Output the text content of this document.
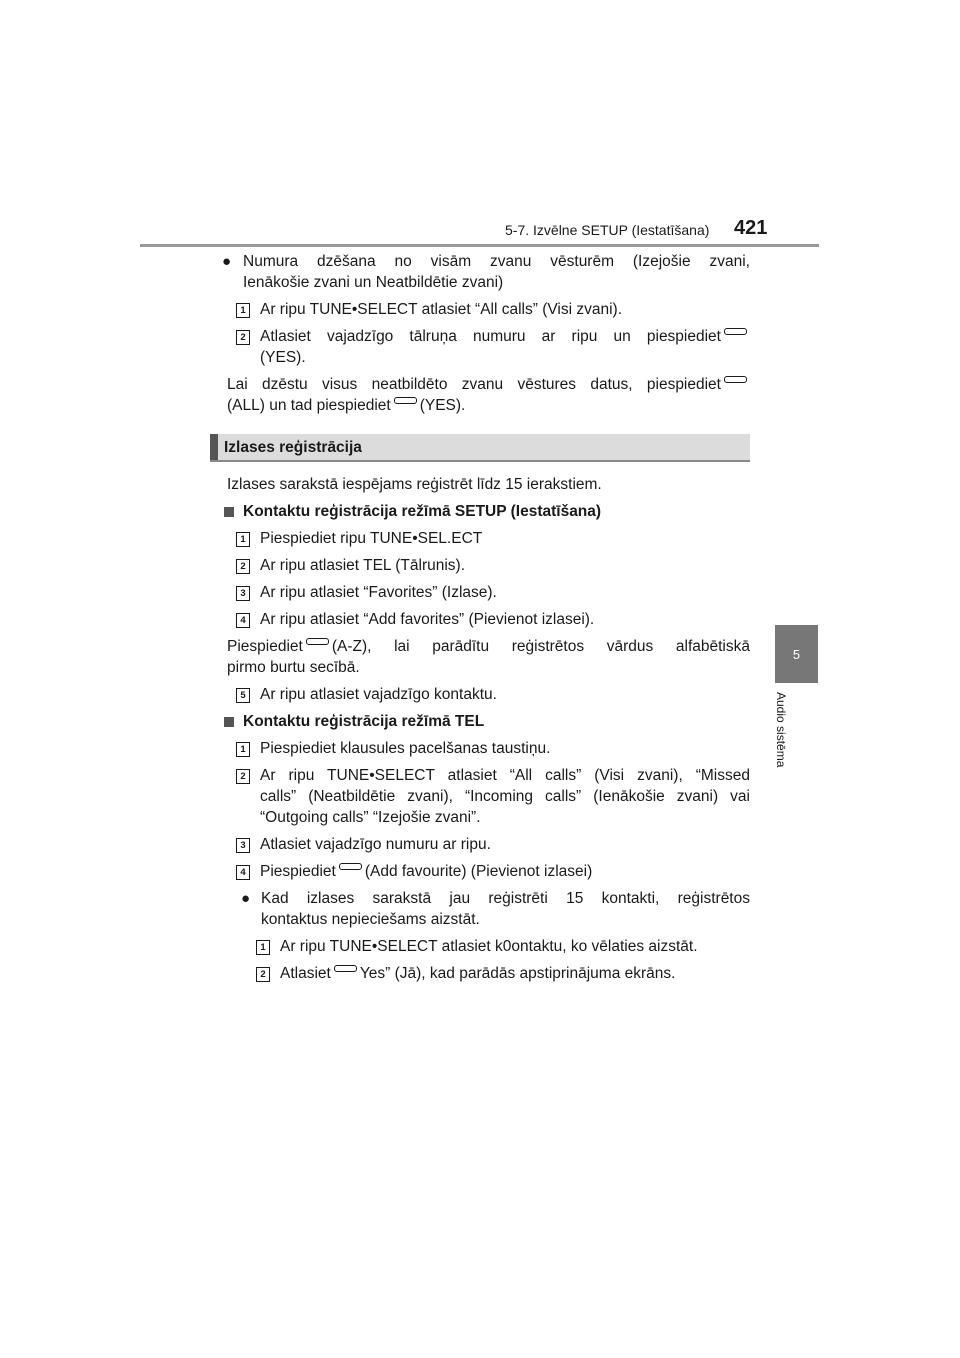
5-7. Izvēlne SETUP (Iestatīšana) 421
5
Audio sistēma
● Numura dzēšana no visām zvanu vēsturēm (Izejošie zvani,
Ienākošie zvani un Neatbildētie zvani)
1 Ar ripu TUNE•SELECT atlasiet “All calls” (Visi zvani).
2 Atlasiet vajadzīgo tālruņa numuru ar ripu un piespiediet
(YES).
Lai dzēstu visus neatbildēto zvanu vēstures datus, piespiediet
(ALL) un tad piespiediet (YES).
Izlases reģistrācija
Izlases sarakstā iespējams reģistrēt līdz 15 ierakstiem.
Kontaktu reģistrācija režīmā SETUP (Iestatīšana)
1 Piespiediet ripu TUNE•SEL.ECT
2 Ar ripu atlasiet TEL (Tālrunis).
3 Ar ripu atlasiet “Favorites” (Izlase).
4 Ar ripu atlasiet “Add favorites” (Pievienot izlasei).
Piespiediet (A-Z), lai parādītu reģistrētos vārdus alfabētiskā
pirmo burtu secībā.
5 Ar ripu atlasiet vajadzīgo kontaktu.
Kontaktu reģistrācija režīmā TEL
1 Piespiediet klausules pacelšanas taustiņu.
2 Ar ripu TUNE•SELECT atlasiet “All calls” (Visi zvani), “Missed
calls” (Neatbildētie zvani), “Incoming calls” (Ienākošie zvani) vai
“Outgoing calls” “Izejošie zvani”.
3 Atlasiet vajadzīgo numuru ar ripu.
4 Piespiediet (Add favourite) (Pievienot izlasei)
● Kad izlases sarakstā jau reģistrēti 15 kontakti, reģistrētos
kontaktus nepieciešams aizstāt.
1 Ar ripu TUNE•SELECT atlasiet k0ontaktu, ko vēlaties aizstāt.
2 Atlasiet Yes” (Jā), kad parādās apstiprinājuma ekrāns.
